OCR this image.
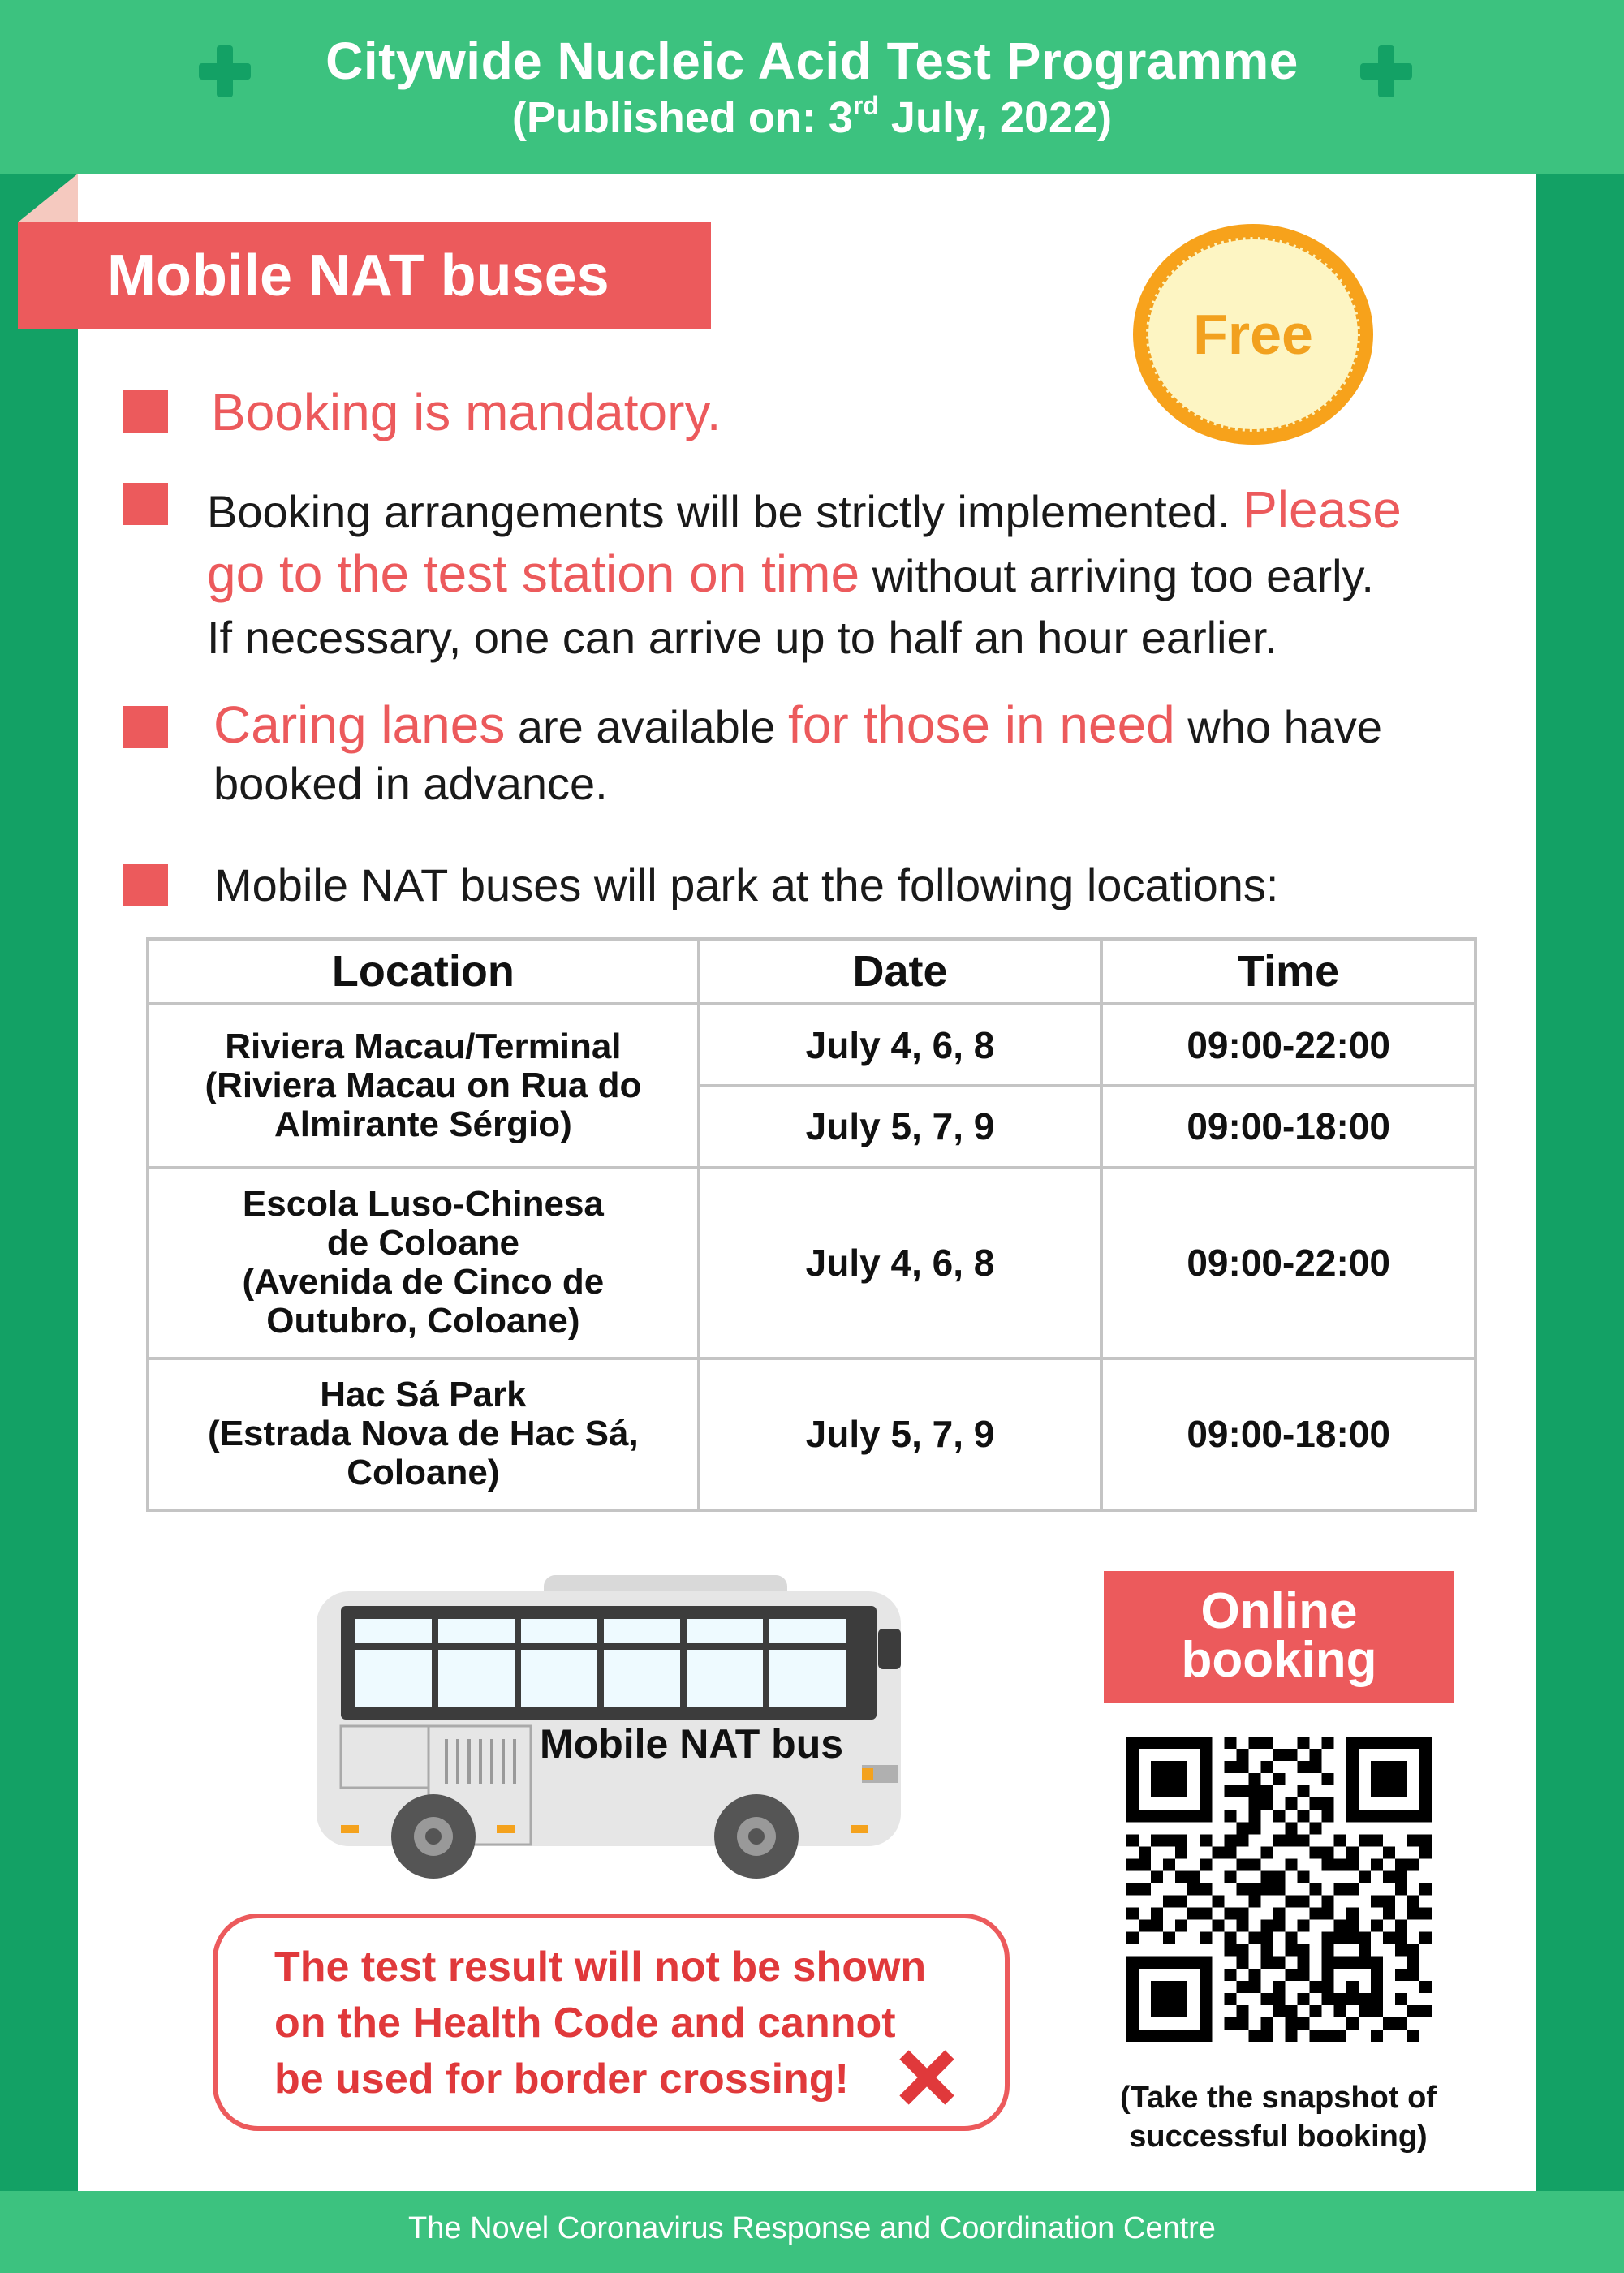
Citywide Nucleic Acid Test Programme
(Published on: 3rd July, 2022)
Mobile NAT buses
Free
Booking is mandatory.
Booking arrangements will be strictly implemented. Please
go to the test station on time without arriving too early.
If necessary, one can arrive up to half an hour earlier.
Caring lanes are available for those in need who have
booked in advance.
Mobile NAT buses will park at the following locations:
Location	Date	Time
Riviera Macau/Terminal
(Riviera Macau on Rua do
Almirante Sérgio)	July 4, 6, 8	09:00-22:00
	July 5, 7, 9	09:00-18:00
Escola Luso-Chinesa
de Coloane
(Avenida de Cinco de
Outubro, Coloane)	July 4, 6, 8	09:00-22:00
Hac Sá Park
(Estrada Nova de Hac Sá,
Coloane)	July 5, 7, 9	09:00-18:00
Mobile NAT bus
The test result will not be shown
on the Health Code and cannot
be used for border crossing!
Online
booking
(Take the snapshot of
successful booking)
The Novel Coronavirus Response and Coordination Centre
